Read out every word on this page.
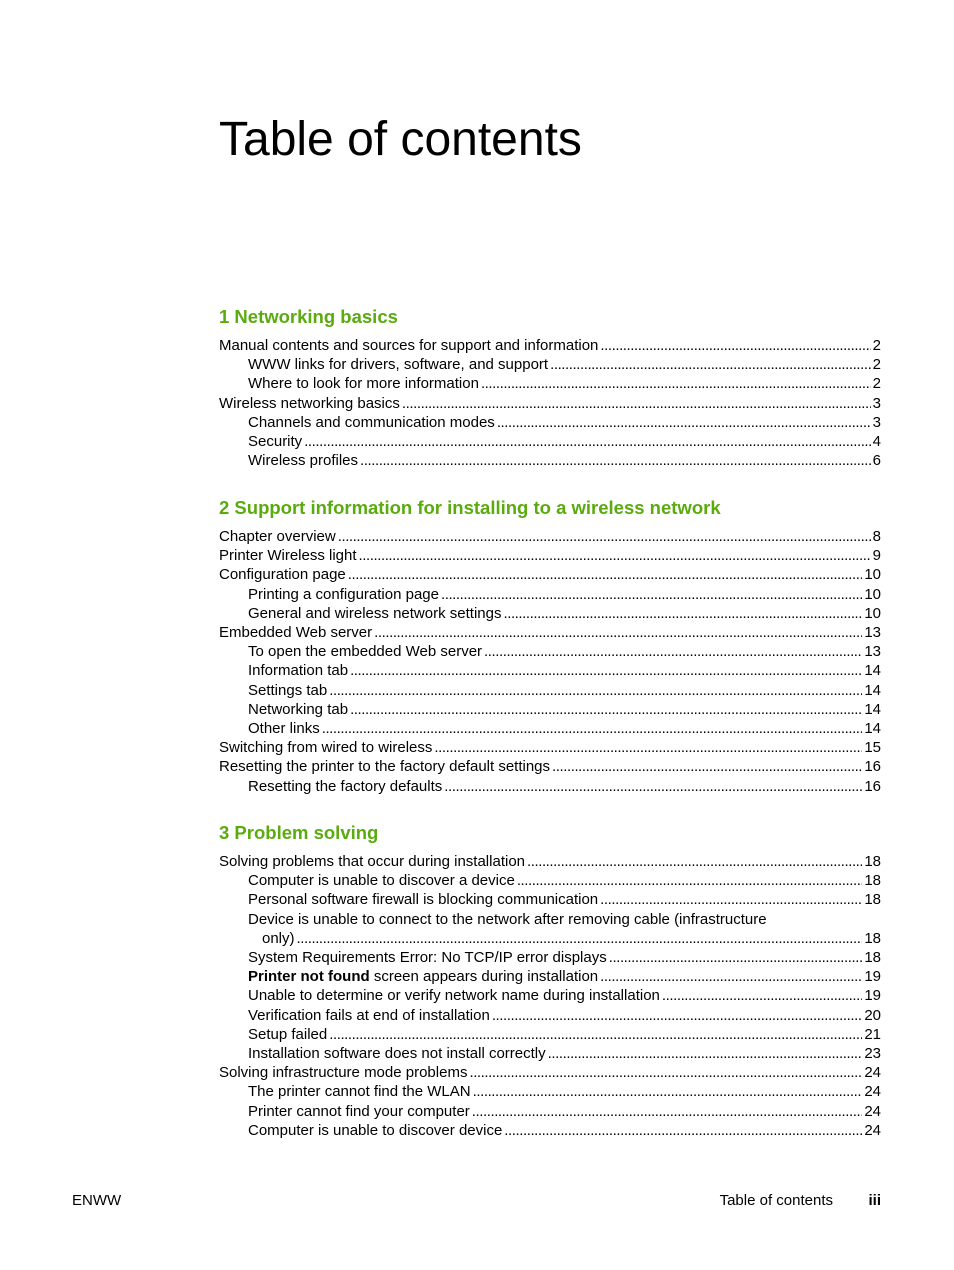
Table of contents
1 Networking basics
Manual contents and sources for support and information . . .	2
WWW links for drivers, software, and support . . .	2
Where to look for more information . . .	2
Wireless networking basics . . .	3
Channels and communication modes . . .	3
Security . . .	4
Wireless profiles . . .	6
2 Support information for installing to a wireless network
Chapter overview . . .	8
Printer Wireless light . . .	9
Configuration page . . .	10
Printing a configuration page . . .	10
General and wireless network settings . . .	10
Embedded Web server . . .	13
To open the embedded Web server . . .	13
Information tab . . .	14
Settings tab . . .	14
Networking tab . . .	14
Other links . . .	14
Switching from wired to wireless . . .	15
Resetting the printer to the factory default settings . . .	16
Resetting the factory defaults . . .	16
3 Problem solving
Solving problems that occur during installation . . .	18
Computer is unable to discover a device . . .	18
Personal software firewall is blocking communication . . .	18
Device is unable to connect to the network after removing cable (infrastructure
only) . . .	18
System Requirements Error: No TCP/IP error displays . . .	18
Printer not found screen appears during installation . . .	19
Unable to determine or verify network name during installation . . .	19
Verification fails at end of installation . . .	20
Setup failed . . .	21
Installation software does not install correctly . . .	23
Solving infrastructure mode problems . . .	24
The printer cannot find the WLAN . . .	24
Printer cannot find your computer . . .	24
Computer is unable to discover device . . .	24
ENWW	Table of contents iii
